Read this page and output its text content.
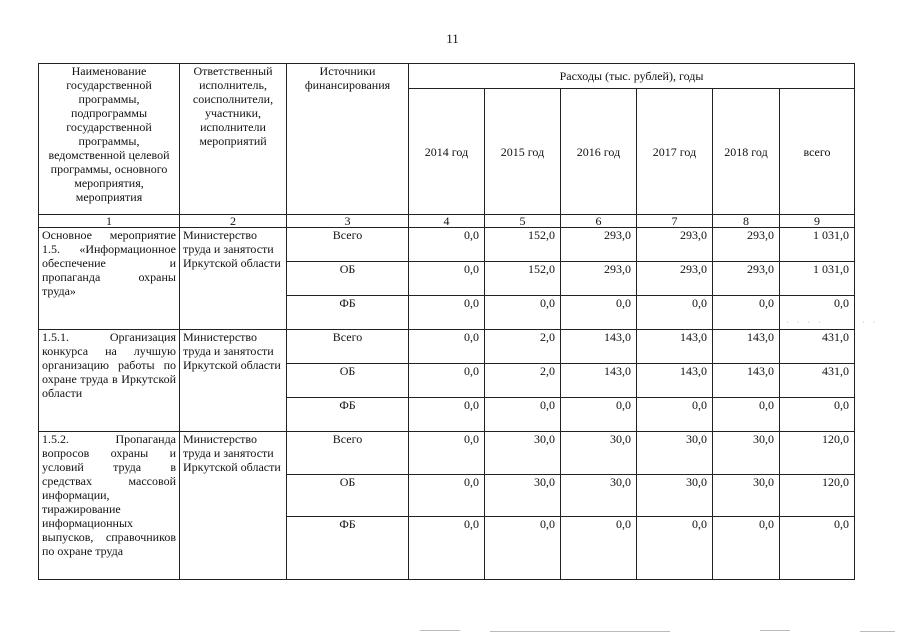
11
Наименование государственной программы, подпрограммы государственной программы, ведомственной целевой программы, основного мероприятия, мероприятия	Ответственный исполнитель, соисполнители, участники, исполнители мероприятий	Источники финансирования	Расходы (тыс. рублей), годы					
			2014 год	2015 год	2016 год	2017 год	2018 год	всего
1	2	3	4	5	6	7	8	9
Основное мероприятие 1.5. «Информационное обеспечение и пропаганда охраны труда»	Министерство труда и занятости Иркутской области	Всего	0,0	152,0	293,0	293,0	293,0	1 031,0
		ОБ	0,0	152,0	293,0	293,0	293,0	1 031,0
		ФБ	0,0	0,0	0,0	0,0	0,0	0,0
1.5.1. Организация конкурса на лучшую организацию работы по охране труда в Иркутской области	Министерство труда и занятости Иркутской области	Всего	0,0	2,0	143,0	143,0	143,0	431,0
		ОБ	0,0	2,0	143,0	143,0	143,0	431,0
		ФБ	0,0	0,0	0,0	0,0	0,0	0,0
1.5.2. Пропаганда вопросов охраны и условий труда в средствах массовой информации, тиражирование информационных выпусков, справочников по охране труда	Министерство труда и занятости Иркутской области	Всего	0,0	30,0	30,0	30,0	30,0	120,0
		ОБ	0,0	30,0	30,0	30,0	30,0	120,0
		ФБ	0,0	0,0	0,0	0,0	0,0	0,0
· · · ·	· ·
